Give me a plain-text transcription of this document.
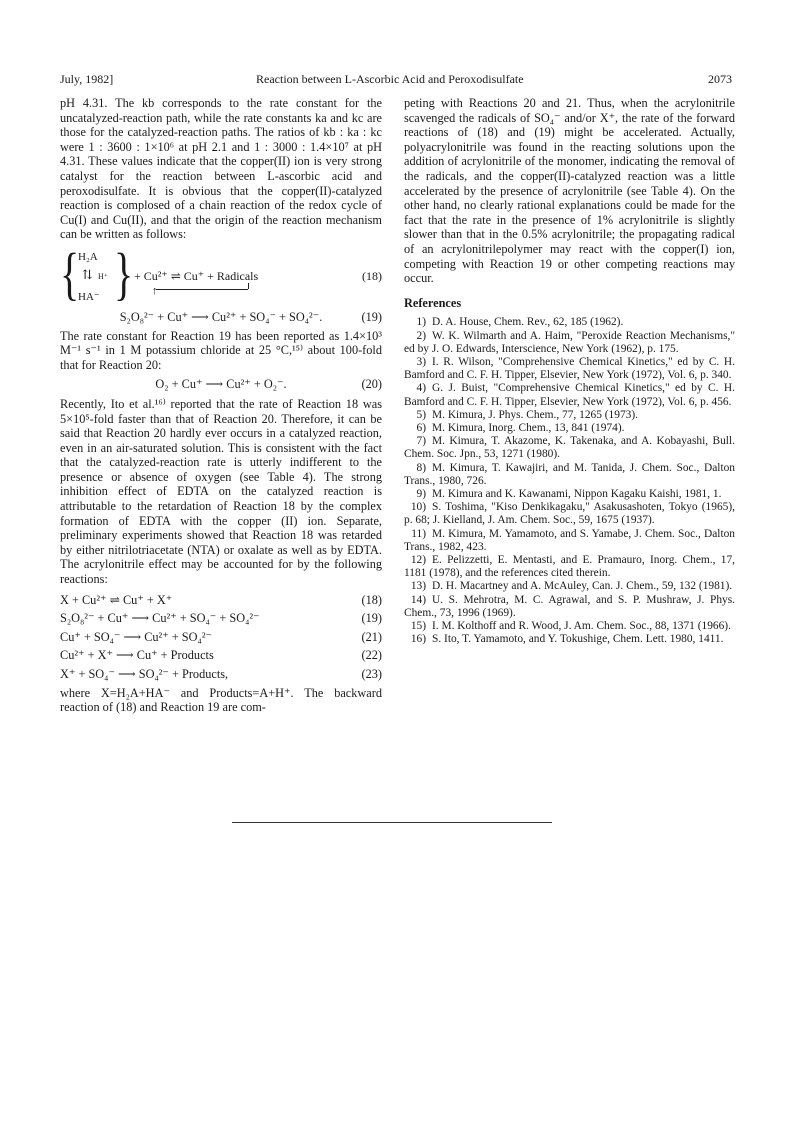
July, 1982]	Reaction between L-Ascorbic Acid and Peroxodisulfate	2073

pH 4.31. The kb corresponds to the rate constant for the uncatalyzed-reaction path, while the rate constants ka and kc are those for the catalyzed-reaction paths. The ratios of kb : ka : kc were 1 : 3600 : 1×10⁶ at pH 2.1 and 1 : 3000 : 1.4×10⁷ at pH 4.31. These values indicate that the copper(II) ion is very strong catalyst for the reaction between L-ascorbic acid and peroxodisulfate. It is obvious that the copper(II)-catalyzed reaction is complosed of a chain reaction of the redox cycle of Cu(I) and Cu(II), and that the origin of the reaction mechanism can be written as follows:

{
H₂A
⇅ H⁺
HA⁻ } + Cu²⁺ ⇌ Cu⁺ + Radicals	(18)
↑
S₂O₈²⁻ + Cu⁺ ⟶ Cu²⁺ + SO₄⁻ + SO₄²⁻.	(19)

The rate constant for Reaction 19 has been reported as 1.4×10³ M⁻¹ s⁻¹ in 1 M potassium chloride at 25 °C,¹⁵⁾ about 100-fold that for Reaction 20:

O₂ + Cu⁺ ⟶ Cu²⁺ + O₂⁻.	(20)

Recently, Ito et al.¹⁶⁾ reported that the rate of Reaction 18 was 5×10⁵-fold faster than that of Reaction 20. Therefore, it can be said that Reaction 20 hardly ever occurs in a catalyzed reaction, even in an air-saturated solution. This is consistent with the fact that the catalyzed-reaction rate is utterly indifferent to the presence or absence of oxygen (see Table 4). The strong inhibition effect of EDTA on the catalyzed reaction is attributable to the retardation of Reaction 18 by the complex formation of EDTA with the copper (II) ion. Separate, preliminary experiments showed that Reaction 18 was retarded by either nitrilotriacetate (NTA) or oxalate as well as by EDTA. The acrylonitrile effect may be accounted for by the following reactions:

X + Cu²⁺ ⇌ Cu⁺ + X⁺	(18)
S₂O₈²⁻ + Cu⁺ ⟶ Cu²⁺ + SO₄⁻ + SO₄²⁻	(19)
Cu⁺ + SO₄⁻ ⟶ Cu²⁺ + SO₄²⁻	(21)
Cu²⁺ + X⁺ ⟶ Cu⁺ + Products	(22)
X⁺ + SO₄⁻ ⟶ SO₄²⁻ + Products,	(23)

where X=H₂A+HA⁻ and Products=A+H⁺. The backward reaction of (18) and Reaction 19 are com-

peting with Reactions 20 and 21. Thus, when the acrylonitrile scavenged the radicals of SO₄⁻ and/or X⁺, the rate of the forward reactions of (18) and (19) might be accelerated. Actually, polyacrylonitrile was found in the reacting solutions upon the addition of acrylonitrile of the monomer, indicating the removal of the radicals, and the copper(II)-catalyzed reaction was a little accelerated by the presence of acrylonitrile (see Table 4). On the other hand, no clearly rational explanations could be made for the fact that the rate in the presence of 1% acrylonitrile is slightly slower than that in the 0.5% acrylonitrile; the propagating radical of an acrylonitrilepolymer may react with the copper(I) ion, competing with Reaction 19 or other competing reactions may occur.

References
1) D. A. House, Chem. Rev., 62, 185 (1962).
2) W. K. Wilmarth and A. Haim, "Peroxide Reaction Mechanisms," ed by J. O. Edwards, Interscience, New York (1962), p. 175.
3) I. R. Wilson, "Comprehensive Chemical Kinetics," ed by C. H. Bamford and C. F. H. Tipper, Elsevier, New York (1972), Vol. 6, p. 340.
4) G. J. Buist, "Comprehensive Chemical Kinetics," ed by C. H. Bamford and C. F. H. Tipper, Elsevier, New York (1972), Vol. 6, p. 456.
5) M. Kimura, J. Phys. Chem., 77, 1265 (1973).
6) M. Kimura, Inorg. Chem., 13, 841 (1974).
7) M. Kimura, T. Akazome, K. Takenaka, and A. Kobayashi, Bull. Chem. Soc. Jpn., 53, 1271 (1980).
8) M. Kimura, T. Kawajiri, and M. Tanida, J. Chem. Soc., Dalton Trans., 1980, 726.
9) M. Kimura and K. Kawanami, Nippon Kagaku Kaishi, 1981, 1.
10) S. Toshima, "Kiso Denkikagaku," Asakusashoten, Tokyo (1965), p. 68; J. Kielland, J. Am. Chem. Soc., 59, 1675 (1937).
11) M. Kimura, M. Yamamoto, and S. Yamabe, J. Chem. Soc., Dalton Trans., 1982, 423.
12) E. Pelizzetti, E. Mentasti, and E. Pramauro, Inorg. Chem., 17, 1181 (1978), and the references cited therein.
13) D. H. Macartney and A. McAuley, Can. J. Chem., 59, 132 (1981).
14) U. S. Mehrotra, M. C. Agrawal, and S. P. Mushraw, J. Phys. Chem., 73, 1996 (1969).
15) I. M. Kolthoff and R. Wood, J. Am. Chem. Soc., 88, 1371 (1966).
16) S. Ito, T. Yamamoto, and Y. Tokushige, Chem. Lett. 1980, 1411.
